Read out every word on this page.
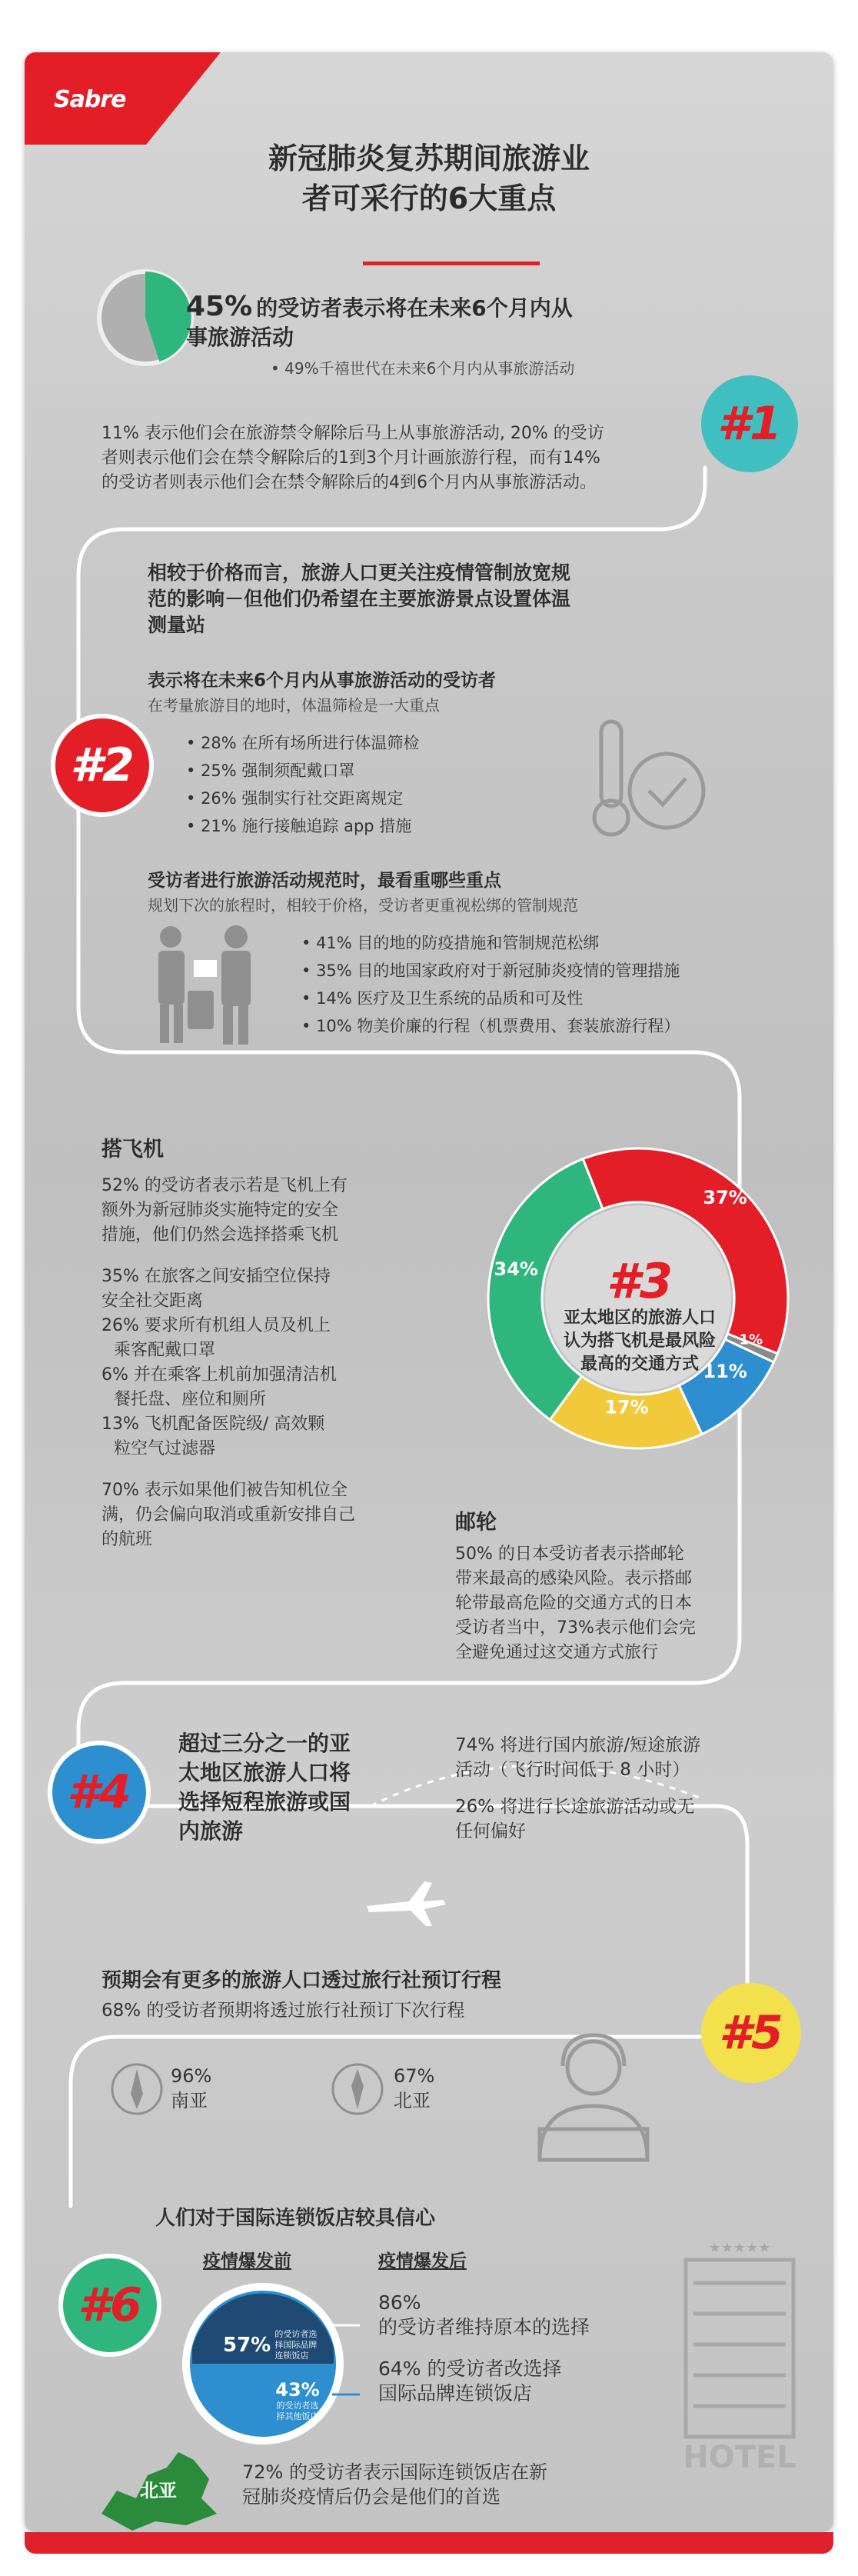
Sabre
新冠肺炎复苏期间旅游业
者可采行的6大重点
45% 的受访者表示将在未来6个月内从
事旅游活动
• 49%千禧世代在未来6个月内从事旅游活动
#1
11% 表示他们会在旅游禁令解除后马上从事旅游活动, 20% 的受访
者则表示他们会在禁令解除后的1到3个月计画旅游行程，而有14%
的受访者则表示他们会在禁令解除后的4到6个月内从事旅游活动。
相较于价格而言，旅游人口更关注疫情管制放宽规
范的影响－但他们仍希望在主要旅游景点设置体温
测量站
表示将在未来6个月内从事旅游活动的受访者
在考量旅游目的地时，体温筛检是一大重点
#2
•	28% 在所有场所进行体温筛检
• 25% 强制须配戴口罩
• 26% 强制实行社交距离规定
• 21% 施行接触追踪 app 措施
受访者进行旅游活动规范时，最看重哪些重点
规划下次的旅程时，相较于价格，受访者更重视松绑的管制规范
• 41% 目的地的防疫措施和管制规范松绑
• 35% 目的地国家政府对于新冠肺炎疫情的管理措施
• 14% 医疗及卫生系统的品质和可及性
• 10% 物美价廉的行程（机票费用、套装旅游行程）
搭飞机
52% 的受访者表示若是飞机上有
额外为新冠肺炎实施特定的安全
措施，他们仍然会选择搭乘飞机
35% 在旅客之间安插空位保持
安全社交距离
26% 要求所有机组人员及机上
乘客配戴口罩
6% 并在乘客上机前加强清洁机
餐托盘、座位和厕所
13% 飞机配备医院级/ 高效颗
粒空气过滤器
70% 表示如果他们被告知机位全
满，仍会偏向取消或重新安排自己
的航班
37%
1%
11%
17%
34%	#3
亚太地区的旅游人口
认为搭飞机是最风险
最高的交通方式
邮轮
50% 的日本受访者表示搭邮轮
带来最高的感染风险。表示搭邮
轮带最高危险的交通方式的日本
受访者当中，73%表示他们会完
全避免通过这交通方式旅行
#4
超过三分之一的亚
太地区旅游人口将
选择短程旅游或国
内旅游
74% 将进行国内旅游/短途旅游
活动（飞行时间低于 8 小时）
26% 将进行长途旅游活动或无
任何偏好
预期会有更多的旅游人口透过旅行社预订行程
68% 的受访者预期将透过旅行社预订下次行程	#5
96%
南亚
67%
北亚
人们对于国际连锁饭店较具信心
#6
疫情爆发前	疫情爆发后
57% 的受访者选
择国际品牌
连锁饭店
43%
的受访者选
择其他饭店
86%
的受访者维持原本的选择
64% 的受访者改选择
国际品牌连锁饭店
★★★★★
HOTEL
北亚
72% 的受访者表示国际连锁饭店在新
冠肺炎疫情后仍会是他们的首选
